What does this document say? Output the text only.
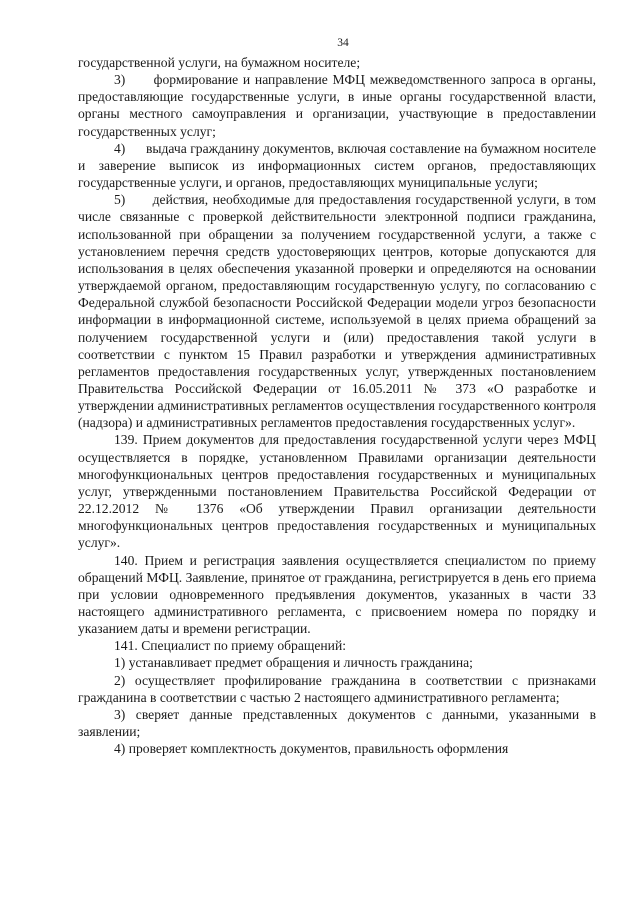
34

государственной услуги, на бумажном носителе;

3)      формирование и направление МФЦ межведомственного запроса в органы, предоставляющие государственные услуги, в иные органы государственной власти, органы местного самоуправления и организации, участвующие в предоставлении государственных услуг;

4)      выдача гражданину документов, включая составление на бумажном носителе и заверение выписок из информационных систем органов, предоставляющих государственные услуги, и органов, предоставляющих муниципальные услуги;

5)      действия, необходимые для предоставления государственной услуги, в том числе связанные с проверкой действительности электронной подписи гражданина, использованной при обращении за получением государственной услуги, а также с установлением перечня средств удостоверяющих центров, которые допускаются для использования в целях обеспечения указанной проверки и определяются на основании утверждаемой органом, предоставляющим государственную услугу, по согласованию с Федеральной службой безопасности Российской Федерации модели угроз безопасности информации в информационной системе, используемой в целях приема обращений за получением государственной услуги и (или) предоставления такой услуги в соответствии с пунктом 15 Правил разработки и утверждения административных регламентов предоставления государственных услуг, утвержденных постановлением Правительства Российской Федерации от 16.05.2011 № 373 «О разработке и утверждении административных регламентов осуществления государственного контроля (надзора) и административных регламентов предоставления государственных услуг».

139. Прием документов для предоставления государственной услуги через МФЦ осуществляется в порядке, установленном Правилами организации деятельности многофункциональных центров предоставления государственных и муниципальных услуг, утвержденными постановлением Правительства Российской Федерации от 22.12.2012 № 1376 «Об утверждении Правил организации деятельности многофункциональных центров предоставления государственных и муниципальных услуг».

140. Прием и регистрация заявления осуществляется специалистом по приему обращений МФЦ. Заявление, принятое от гражданина, регистрируется в день его приема при условии одновременного предъявления документов, указанных в части 33 настоящего административного регламента, с присвоением номера по порядку и указанием даты и времени регистрации.

141. Специалист по приему обращений:

1) устанавливает предмет обращения и личность гражданина;

2) осуществляет профилирование гражданина в соответствии с признаками гражданина в соответствии с частью 2 настоящего административного регламента;

3) сверяет данные представленных документов с данными, указанными в заявлении;

4) проверяет комплектность документов, правильность оформления
